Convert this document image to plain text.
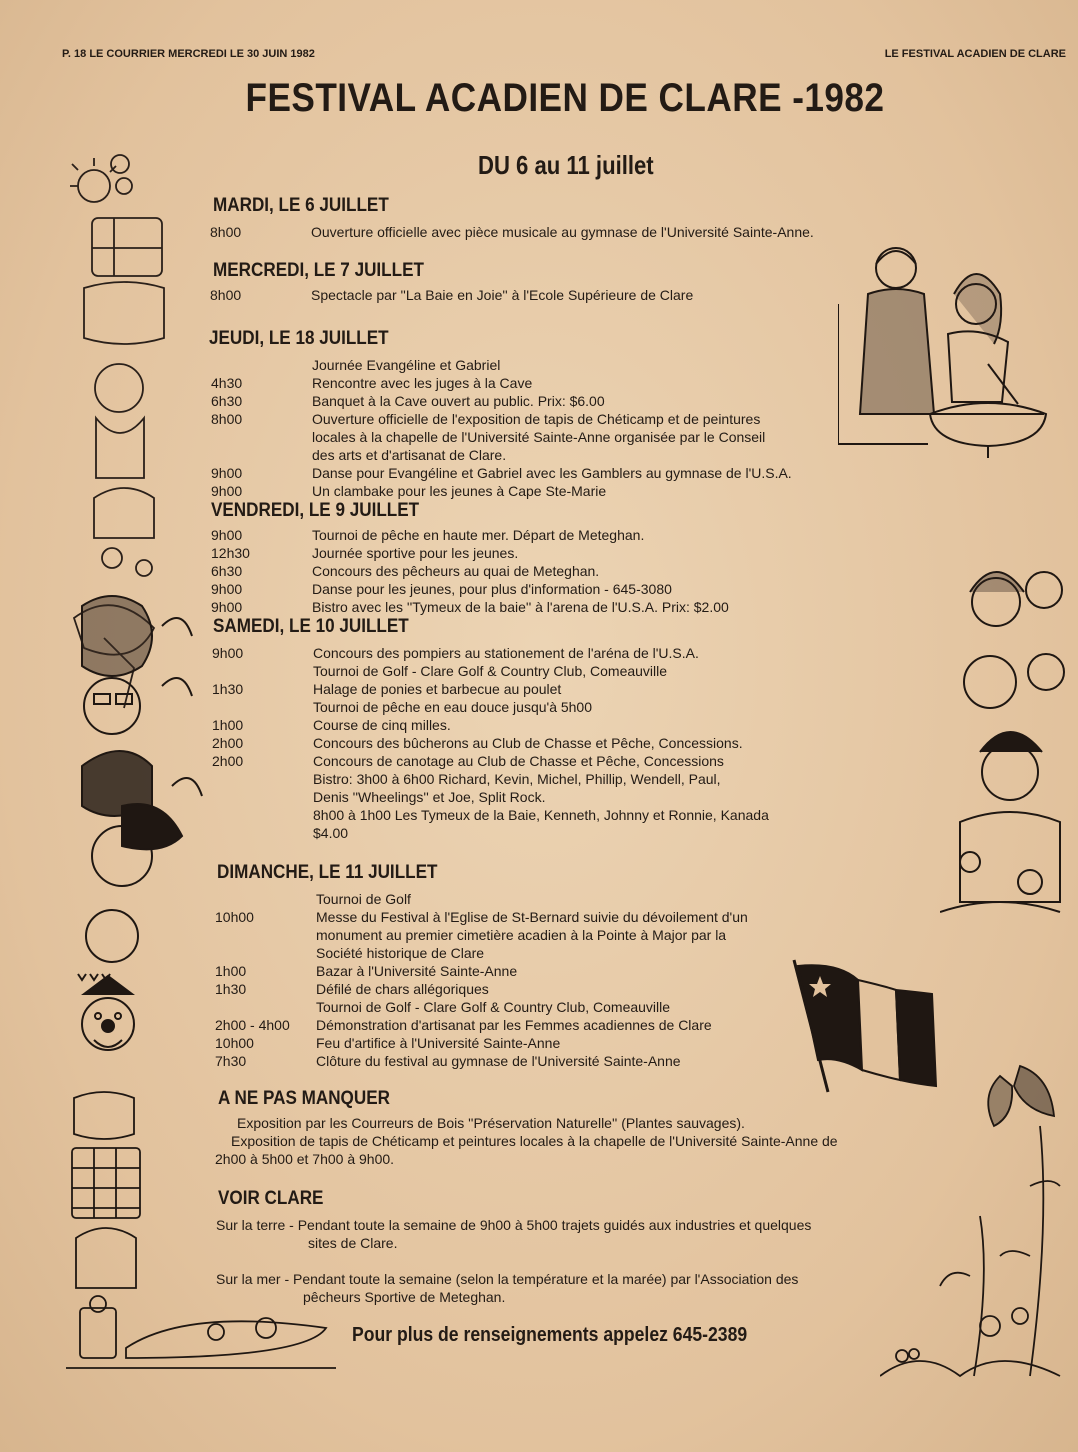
P. 18 LE COURRIER MERCREDI LE 30 JUIN 1982	LE FESTIVAL ACADIEN DE CLARE
FESTIVAL ACADIEN DE CLARE -1982
DU 6 au 11 juillet
MARDI, LE 6 JUILLET
8h00	Ouverture officielle avec pièce musicale au gymnase de l'Université Sainte-Anne.
MERCREDI, LE 7 JUILLET
8h00	Spectacle par ''La Baie en Joie'' à l'Ecole Supérieure de Clare
JEUDI, LE 18 JUILLET
Journée Evangéline et Gabriel
4h30	Rencontre avec les juges à la Cave
6h30	Banquet à la Cave ouvert au public. Prix: $6.00
8h00	Ouverture officielle de l'exposition de tapis de Chéticamp et de peintures
locales à la chapelle de l'Université Sainte-Anne organisée par le Conseil
des arts et d'artisanat de Clare.
9h00	Danse pour Evangéline et Gabriel avec les Gamblers au gymnase de l'U.S.A.
9h00	Un clambake pour les jeunes à Cape Ste-Marie
VENDREDI, LE 9 JUILLET
9h00	Tournoi de pêche en haute mer. Départ de Meteghan.
12h30	Journée sportive pour les jeunes.
6h30	Concours des pêcheurs au quai de Meteghan.
9h00	Danse pour les jeunes, pour plus d'information - 645-3080
9h00	Bistro avec les ''Tymeux de la baie'' à l'arena de l'U.S.A. Prix: $2.00
SAMEDI, LE 10 JUILLET
9h00	Concours des pompiers au stationement de l'aréna de l'U.S.A.
Tournoi de Golf - Clare Golf & Country Club, Comeauville
1h30	Halage de ponies et barbecue au poulet
Tournoi de pêche en eau douce jusqu'à 5h00
1h00	Course de cinq milles.
2h00	Concours des bûcherons au Club de Chasse et Pêche, Concessions.
2h00	Concours de canotage au Club de Chasse et Pêche, Concessions
Bistro: 3h00 à 6h00 Richard, Kevin, Michel, Phillip, Wendell, Paul,
Denis ''Wheelings'' et Joe, Split Rock.
8h00 à 1h00 Les Tymeux de la Baie, Kenneth, Johnny et Ronnie, Kanada
$4.00
DIMANCHE, LE 11 JUILLET
Tournoi de Golf
10h00	Messe du Festival à l'Eglise de St-Bernard suivie du dévoilement d'un
monument au premier cimetière acadien à la Pointe à Major par la
Société historique de Clare
1h00	Bazar à l'Université Sainte-Anne
1h30	Défilé de chars allégoriques
Tournoi de Golf - Clare Golf & Country Club, Comeauville
2h00 - 4h00 Démonstration d'artisanat par les Femmes acadiennes de Clare
10h00	Feu d'artifice à l'Université Sainte-Anne
7h30	Clôture du festival au gymnase de l'Université Sainte-Anne
A NE PAS MANQUER

Exposition par les Courreurs de Bois ''Préservation Naturelle'' (Plantes sauvages).

Exposition de tapis de Chéticamp et peintures locales à la chapelle de l'Université Sainte-Anne de

2h00 à 5h00 et 7h00 à 9h00.

VOIR CLARE

Sur la terre - Pendant toute la semaine de 9h00 à 5h00 trajets guidés aux industries et quelques

sites de Clare.

Sur la mer - Pendant toute la semaine (selon la température et la marée) par l'Association des

pêcheurs Sportive de Meteghan.

Pour plus de renseignements appelez 645-2389
